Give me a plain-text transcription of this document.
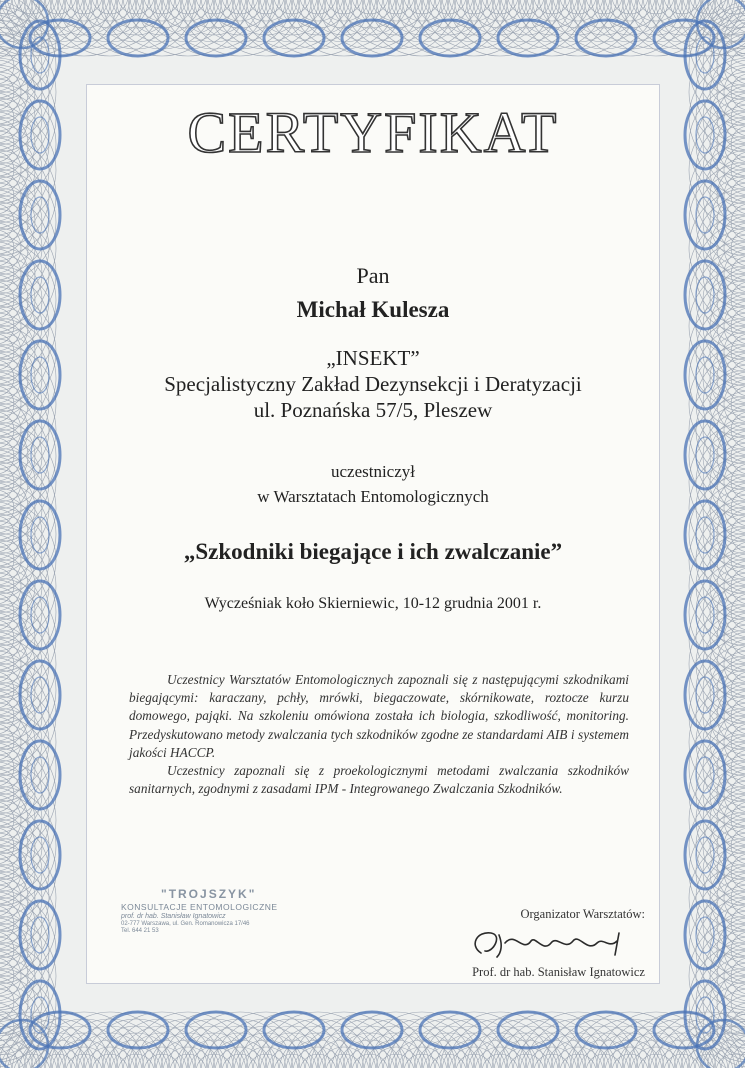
CERTYFIKAT
Pan
Michał Kulesza
„INSEKT”
Specjalistyczny Zakład Dezynsekcji i Deratyzacji
ul. Poznańska 57/5, Pleszew
uczestniczył
w Warsztatach Entomologicznych
„Szkodniki biegające i ich zwalczanie”
Wycześniak koło Skierniewic, 10-12 grudnia 2001 r.

Uczestnicy Warsztatów Entomologicznych zapoznali się z następującymi szkodnikami biegającymi: karaczany, pchły, mrówki, biegaczowate, skórnikowate, roztocze kurzu domowego, pająki. Na szkoleniu omówiona została ich biologia, szkodliwość, monitoring. Przedyskutowano metody zwalczania tych szkodników zgodne ze standardami AIB i systemem jakości HACCP.

Uczestnicy zapoznali się z proekologicznymi metodami zwalczania szkodników sanitarnych, zgodnymi z zasadami IPM - Integrowanego Zwalczania Szkodników.

"TROJSZYK"
KONSULTACJE ENTOMOLOGICZNE
prof. dr hab. Stanisław Ignatowicz
02-777 Warszawa, ul. Gen. Romanowicza 17/46
Tel. 644 21 53
Organizator Warsztatów:
Prof. dr hab. Stanisław Ignatowicz
